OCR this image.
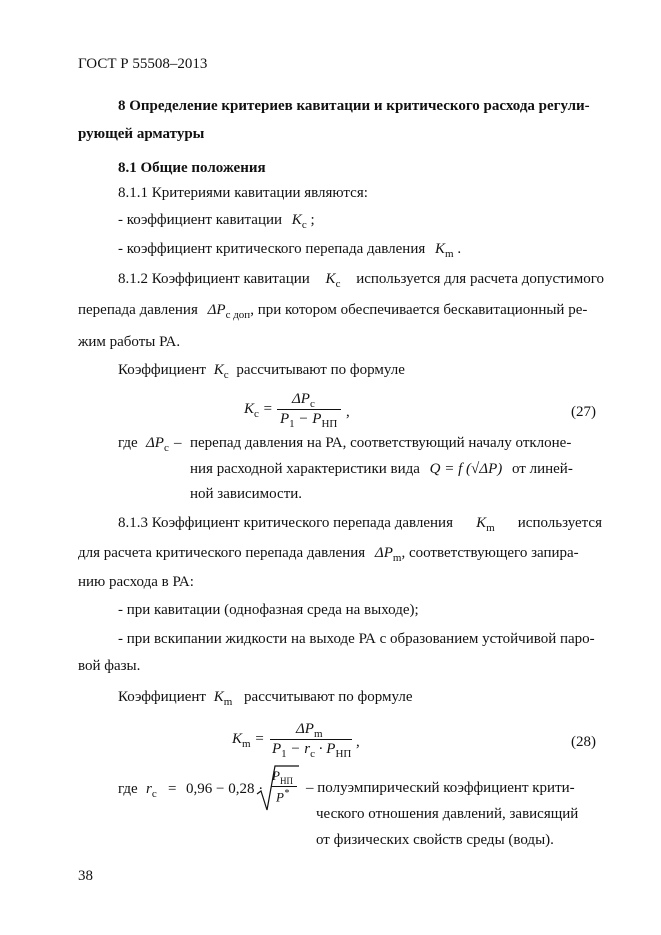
ГОСТ Р 55508–2013
8 Определение критериев кавитации и критического расхода регули-
рующей арматуры
8.1 Общие положения
8.1.1 Критериями кавитации являются:
- коэффициент кавитации $K_c$ ;
- коэффициент критического перепада давления $K_m$ .
8.1.2 Коэффициент кавитации $K_c$ используется для расчета допустимого
перепада давления $\Delta P_{с доп}$, при котором обеспечивается бескавитационный ре-
жим работы РА.
Коэффициент $K_c$ рассчитывают по формуле
$K_c$ =
$\Delta P_c$
$P_1 - P_{НП}$
,	(27)
где $\Delta P_c$ – перепад давления на РА, соответствующий началу отклоне-
ния расходной характеристики вида Q = f (√ΔP) от линей-
ной зависимости.
8.1.3 Коэффициент критического перепада давления $K_m$ используется
для расчета критического перепада давления $\Delta P_m$, соответствующего запира-
нию расхода в РА:
- при кавитации (однофазная среда на выходе);
- при вскипании жидкости на выходе РА с образованием устойчивой паро-
вой фазы.
Коэффициент $K_m$ рассчитывают по формуле
$K_m$ =
$\Delta P_m$
$P_1 - r_c \cdot P_{НП}$
,	(28)
где $r_c = 0,96 - 0,28$ ·
$P_{НП}$
P* – полуэмпирический коэффициент крити-
ческого отношения давлений, зависящий
от физических свойств среды (воды).
38
